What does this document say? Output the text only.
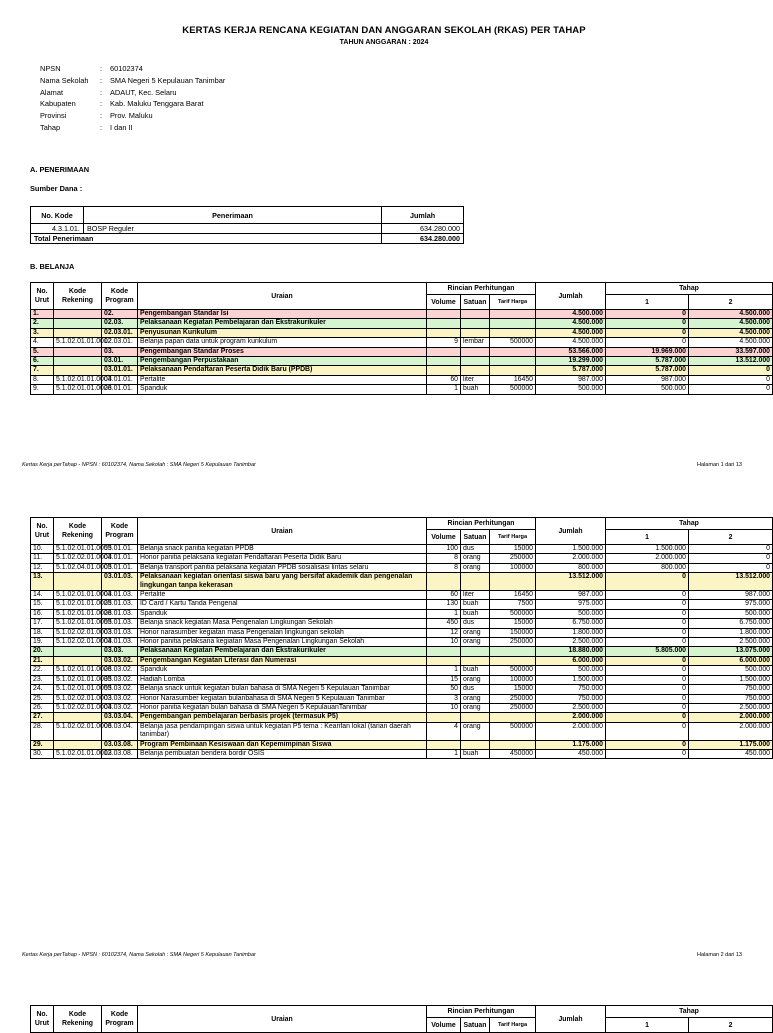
KERTAS KERJA RENCANA KEGIATAN DAN ANGGARAN SEKOLAH (RKAS) PER TAHAP
TAHUN ANGGARAN : 2024
NPSN	:	60102374
Nama Sekolah	:	SMA Negeri 5 Kepulauan Tanimbar
Alamat	:	ADAUT, Kec. Selaru
Kabupaten	:	Kab. Maluku Tenggara Barat
Provinsi	:	Prov. Maluku
Tahap	:	I dan II
A. PENERIMAAN
Sumber Dana :
No. Kode	Penerimaan	Jumlah
4.3.1.01.	BOSP Reguler	634.280.000
Total Penerimaan		634.280.000
B. BELANJA
No. Urut	Kode Rekening	Kode Program	Uraian	Rincian Perhitungan			Jumlah	Tahap	
				Volume	Satuan	Tarif Harga		1	2
1.		02.	Pengembangan Standar Isi				4.500.000	0	4.500.000
2.		02.03.	Pelaksanaan Kegiatan Pembelajaran dan Ekstrakurikuler				4.500.000	0	4.500.000
3.		02.03.01.	Penyusunan Kurikulum				4.500.000	0	4.500.000
4.	5.1.02.01.01.0012	02.03.01.	Belanja papan data untuk program kurikulum	9	lembar	500000	4.500.000	0	4.500.000
5.		03.	Pengembangan Standar Proses				53.566.000	19.969.000	33.597.000
6.		03.01.	Pengembangan Perpustakaan				19.299.000	5.787.000	13.512.000
7.		03.01.01.	Pelaksanaan Pendaftaran Peserta Didik Baru (PPDB)				5.787.000	5.787.000	0
8.	5.1.02.01.01.0004	03.01.01.	Pertalite	60	liter	16450	987.000	987.000	0
9.	5.1.02.01.01.0026	03.01.01.	Spanduk	1	buah	500000	500.000	500.000	0
Kertas Kerja perTahap - NPSN : 60102374, Nama Sekolah : SMA Negeri 5 Kepulauan Tanimbar	Halaman 1 dari 13
No. Urut	Kode Rekening	Kode Program	Uraian	Rincian Perhitungan			Jumlah	Tahap	
				Volume	Satuan	Tarif Harga		1	2
10.	5.1.02.01.01.0055	03.01.01.	Belanja snack panitia kegiatan PPDB	100	dus	15000	1.500.000	1.500.000	0
11.	5.1.02.02.01.0004	03.01.01.	Honor panitia pelaksana kegiatan Pendaftaran Peserta Didik Baru	8	orang	250000	2.000.000	2.000.000	0
12.	5.1.02.04.01.0005	03.01.01.	Belanja transport panitia pelaksana kegiatan PPDB sosialisasi lintas selaru	8	orang	100000	800.000	800.000	0
13.		03.01.03.	Pelaksanaan kegiatan orientasi siswa baru yang bersifat akademik dan pengenalan lingkungan tanpa kekerasan				13.512.000	0	13.512.000
14.	5.1.02.01.01.0004	03.01.03.	Pertalite	60	liter	16450	987.000	0	987.000
15.	5.1.02.01.01.0025	03.01.03.	ID Card / Kartu Tanda Pengenal	130	buah	7500	975.000	0	975.000
16.	5.1.02.01.01.0026	03.01.03.	Spanduk	1	buah	500000	500.000	0	500.000
17.	5.1.02.01.01.0055	03.01.03.	Belanja snack kegiatan Masa Pengenalan Lingkungan Sekolah	450	dus	15000	6.750.000	0	6.750.000
18.	5.1.02.02.01.0003	03.01.03.	Honor narasumber kegiatan masa Pengenalan lingkungan sekolah	12	orang	150000	1.800.000	0	1.800.000
19.	5.1.02.02.01.0004	03.01.03.	Honor panitia pelaksana kegiatan Masa Pengenalan Lingkungan Sekolah	10	orang	250000	2.500.000	0	2.500.000
20.		03.03.	Pelaksanaan Kegiatan Pembelajaran dan Ekstrakurikuler				18.880.000	5.805.000	13.075.000
21.		03.03.02.	Pengembangan Kegiatan Literasi dan Numerasi				6.000.000	0	6.000.000
22.	5.1.02.01.01.0026	03.03.02.	Spanduk	1	buah	500000	500.000	0	500.000
23.	5.1.02.01.01.0035	03.03.02.	Hadiah Lomba	15	orang	100000	1.500.000	0	1.500.000
24.	5.1.02.01.01.0055	03.03.02.	Belanja snack untuk kegiatan bulan bahasa di SMA Negeri 5 Kepulauan Tanimbar	50	dus	15000	750.000	0	750.000
25.	5.1.02.02.01.0003	03.03.02.	Honor Narasumber kegiatan bulanbahasa di SMA Negeri 5 Kepulauan Tanimbar	3	orang	250000	750.000	0	750.000
26.	5.1.02.02.01.0004	03.03.02.	Honor panitia kegiatan bulan bahasa di SMA Negeri 5 KepulauanTanimbar	10	orang	250000	2.500.000	0	2.500.000
27.		03.03.04.	Pengembangan pembelajaran berbasis projek (termasuk P5)				2.000.000	0	2.000.000
28.	5.1.02.02.01.0006	03.03.04.	Belanja jasa pendampingan siswa untuk kegiatan P5 tema : Kearifan lokal (tarian daerah tanimbar)	4	orang	500000	2.000.000	0	2.000.000
29.		03.03.08.	Program Pembinaan Kesiswaan dan Kepemimpinan Siswa				1.175.000	0	1.175.000
30.	5.1.02.01.01.0012	03.03.08.	Belanja pembuatan bendera bordir OSIS	1	buah	450000	450.000	0	450.000
Kertas Kerja perTahap - NPSN : 60102374, Nama Sekolah : SMA Negeri 5 Kepulauan Tanimbar	Halaman 2 dari 13
No. Urut	Kode Rekening	Kode Program	Uraian	Rincian Perhitungan			Jumlah	Tahap	
				Volume	Satuan	Tarif Harga		1	2
